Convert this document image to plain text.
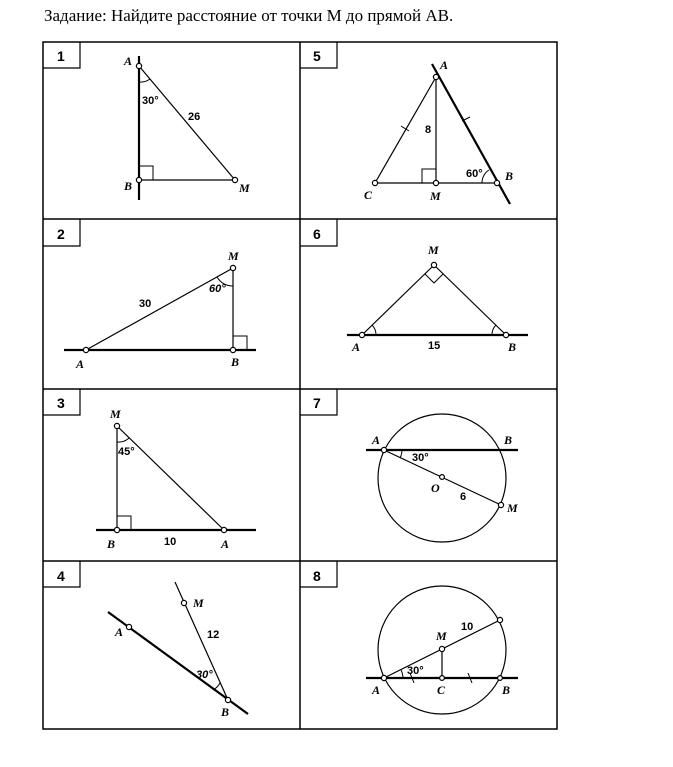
Задание: Найдите расстояние от точки М до прямой АВ.
1	5
2	6
3	7
4	8
A
B	M
30°
26
A	B
M
30
60°
M
B	A
45°
10
A
M
B
12
30°
A
C	M
B
8
60°
M
A	B
15
A	B
O
M
30°
6
M
A	C	B
10
30°
